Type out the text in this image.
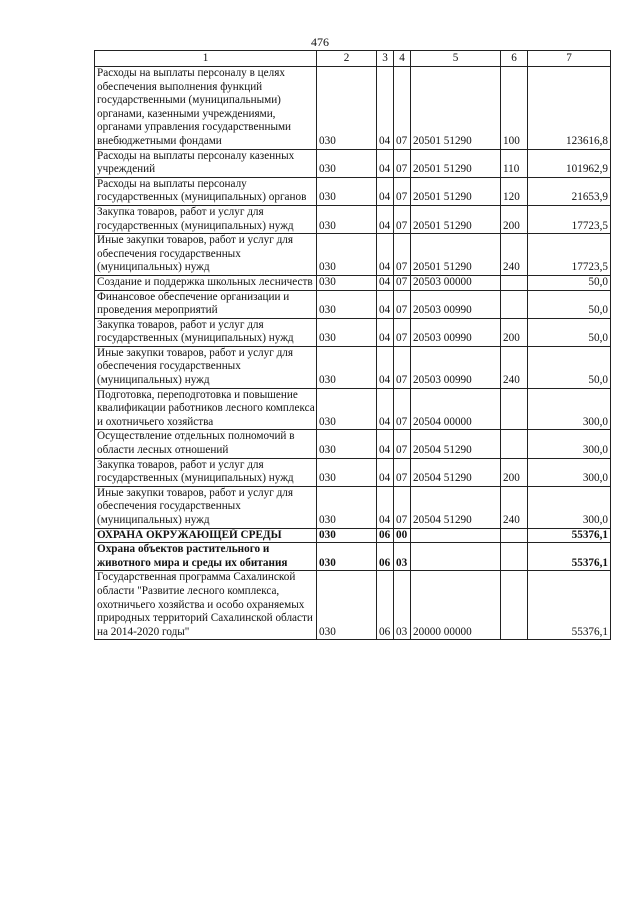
476
1	2	3	4	5	6	7
Расходы на выплаты персоналу в целях обеспечения выполнения функций государственными (муниципальными) органами, казенными учреждениями, органами управления государственными внебюджетными фондами	030	04	07	20501 51290	100	123616,8
Расходы на выплаты персоналу казенных учреждений	030	04	07	20501 51290	110	101962,9
Расходы на выплаты персоналу государственных (муниципальных) органов	030	04	07	20501 51290	120	21653,9
Закупка товаров, работ и услуг для государственных (муниципальных) нужд	030	04	07	20501 51290	200	17723,5
Иные закупки товаров, работ и услуг для обеспечения государственных (муниципальных) нужд	030	04	07	20501 51290	240	17723,5
Создание и поддержка школьных лесничеств	030	04	07	20503 00000		50,0
Финансовое обеспечение организации и проведения мероприятий	030	04	07	20503 00990		50,0
Закупка товаров, работ и услуг для государственных (муниципальных) нужд	030	04	07	20503 00990	200	50,0
Иные закупки товаров, работ и услуг для обеспечения государственных (муниципальных) нужд	030	04	07	20503 00990	240	50,0
Подготовка, переподготовка и повышение квалификации работников лесного комплекса и охотничьего хозяйства	030	04	07	20504 00000		300,0
Осуществление отдельных полномочий в области лесных отношений	030	04	07	20504 51290		300,0
Закупка товаров, работ и услуг для государственных (муниципальных) нужд	030	04	07	20504 51290	200	300,0
Иные закупки товаров, работ и услуг для обеспечения государственных (муниципальных) нужд	030	04	07	20504 51290	240	300,0
ОХРАНА ОКРУЖАЮЩЕЙ СРЕДЫ	030	06	00			55376,1
Охрана объектов растительного и животного мира и среды их обитания	030	06	03			55376,1
Государственная программа Сахалинской области "Развитие лесного комплекса, охотничьего хозяйства и особо охраняемых природных территорий Сахалинской области на 2014-2020 годы"	030	06	03	20000 00000		55376,1
